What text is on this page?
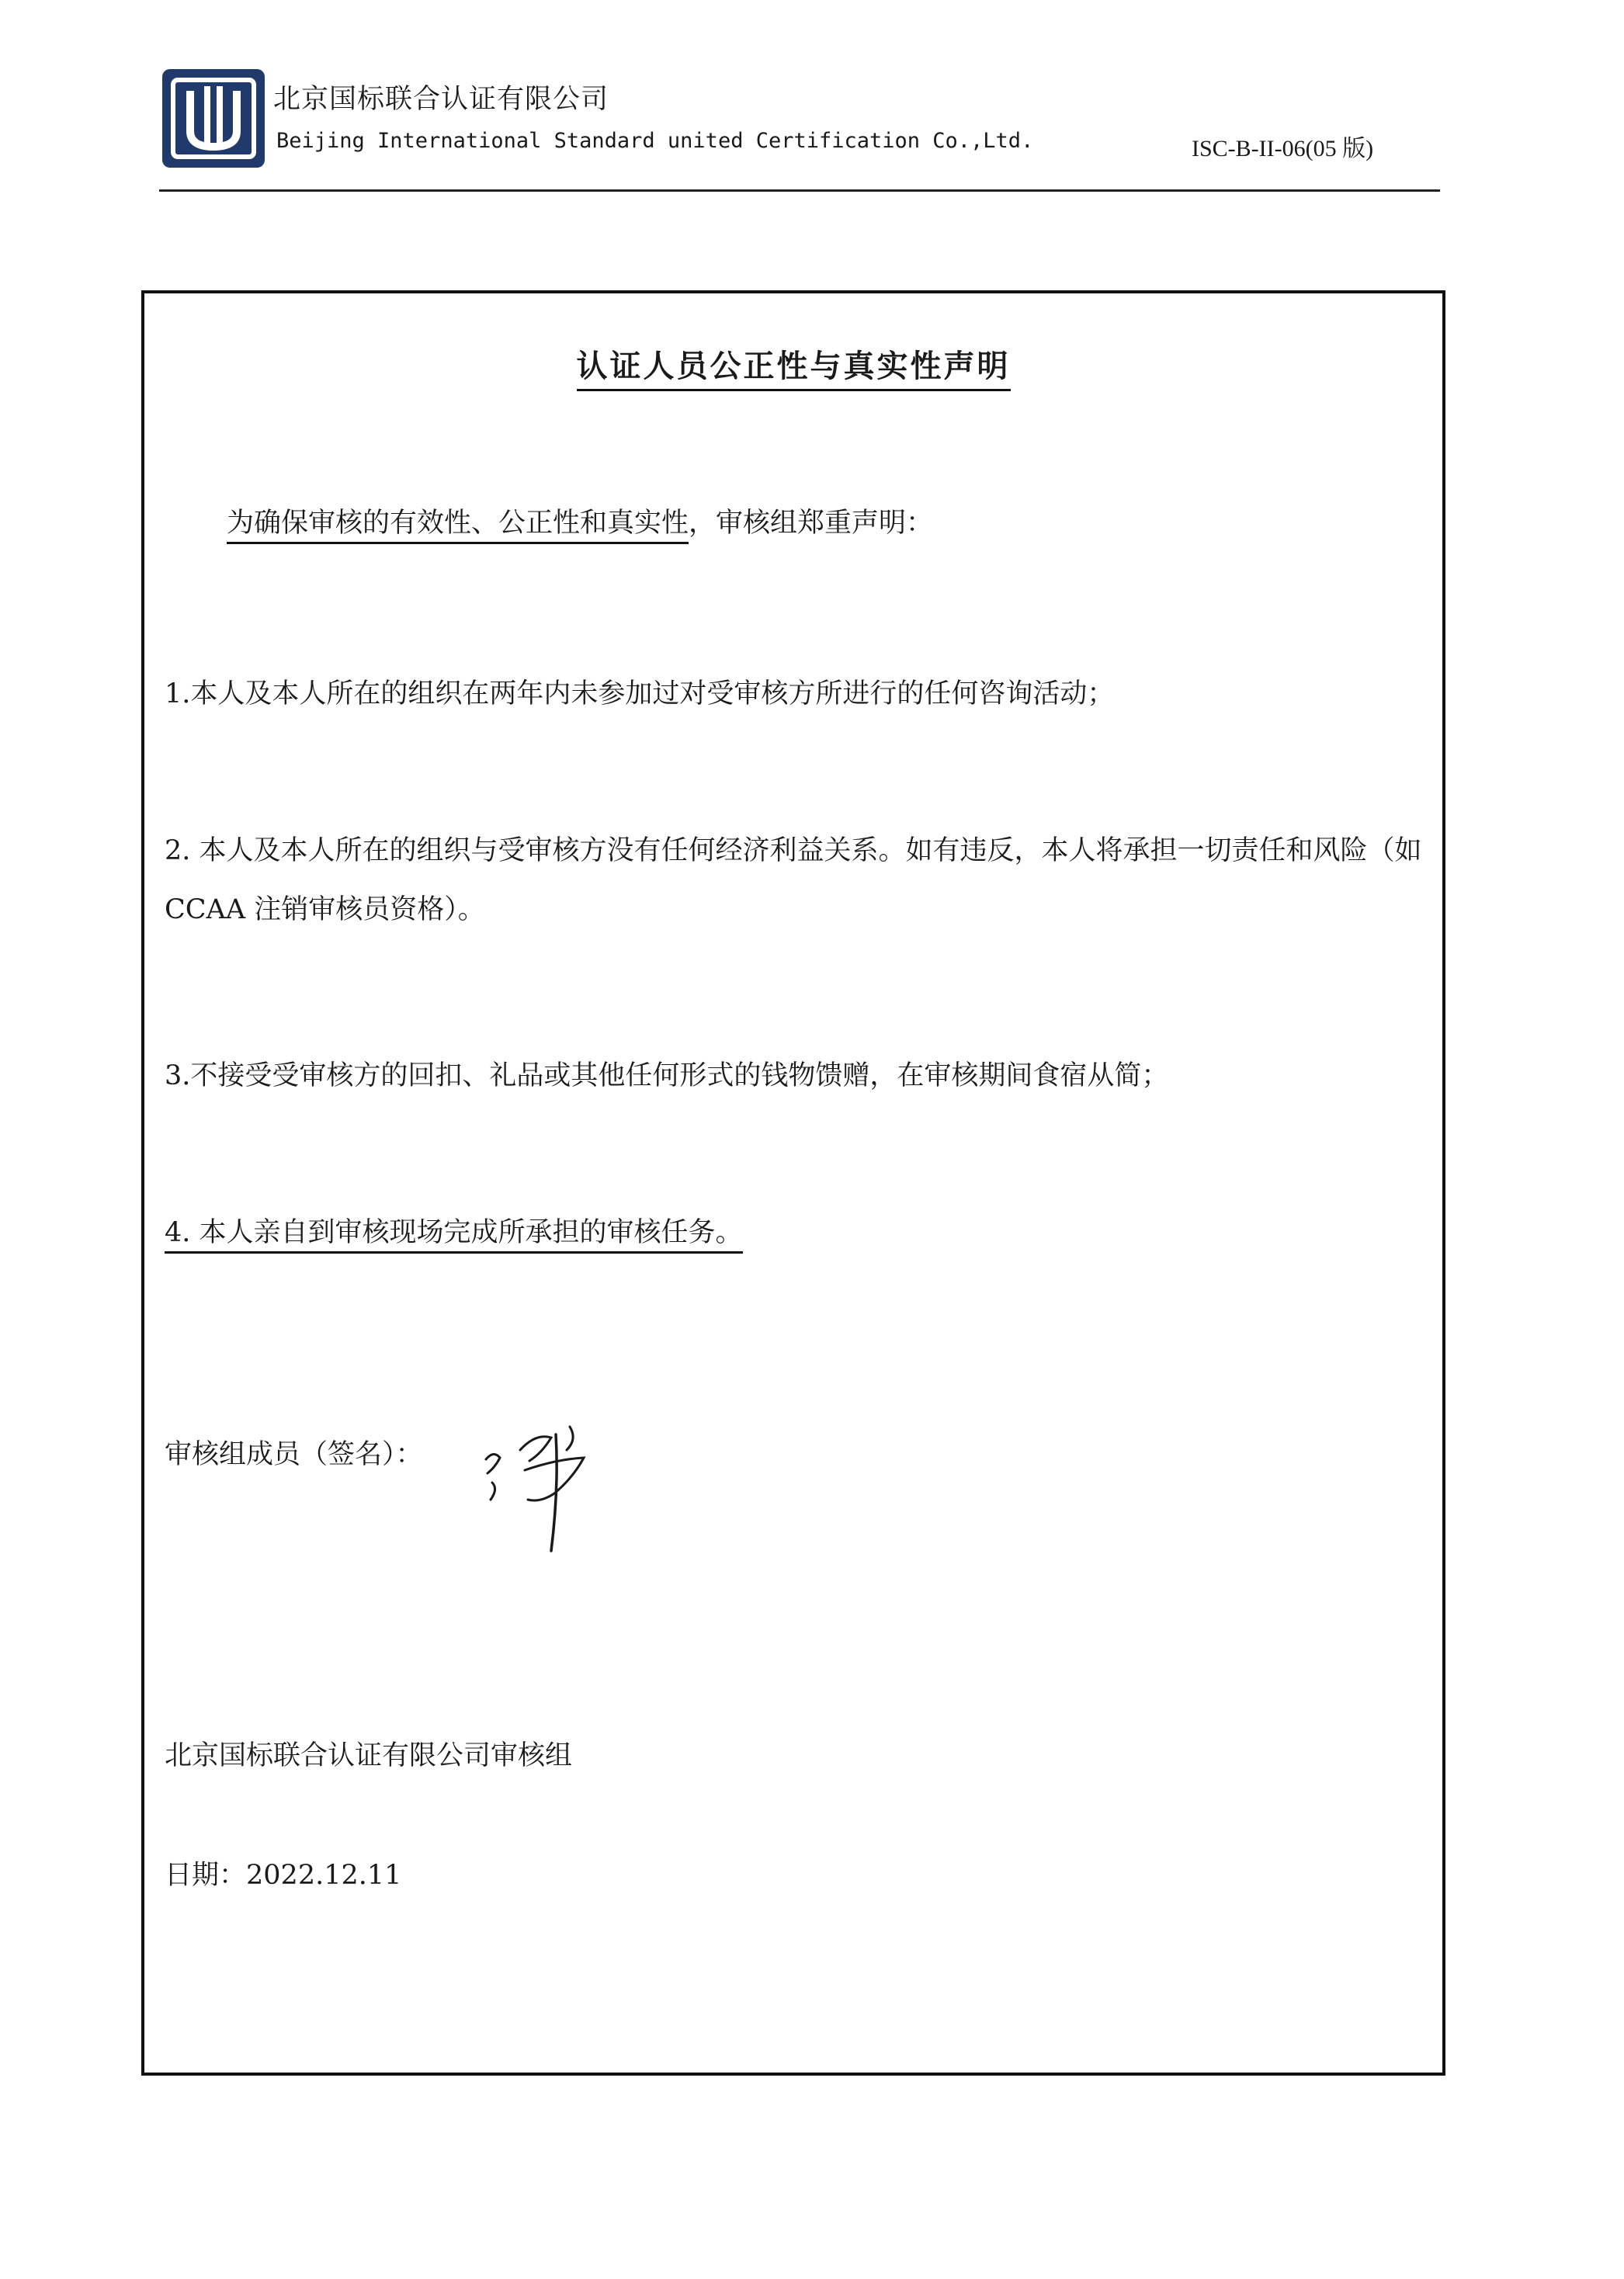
北京国标联合认证有限公司
Beijing International Standard united Certification Co.,Ltd.	ISC-B-II-06(05 版)
认证人员公正性与真实性声明
为确保审核的有效性、公正性和真实性，审核组郑重声明：
1.本人及本人所在的组织在两年内未参加过对受审核方所进行的任何咨询活动；
2. 本人及本人所在的组织与受审核方没有任何经济利益关系。如有违反，本人将承担一切责任和风险（如 CCAA 注销审核员资格）。
3.不接受受审核方的回扣、礼品或其他任何形式的钱物馈赠，在审核期间食宿从简；
4. 本人亲自到审核现场完成所承担的审核任务。
审核组成员（签名）：
北京国标联合认证有限公司审核组
日期：2022.12.11
